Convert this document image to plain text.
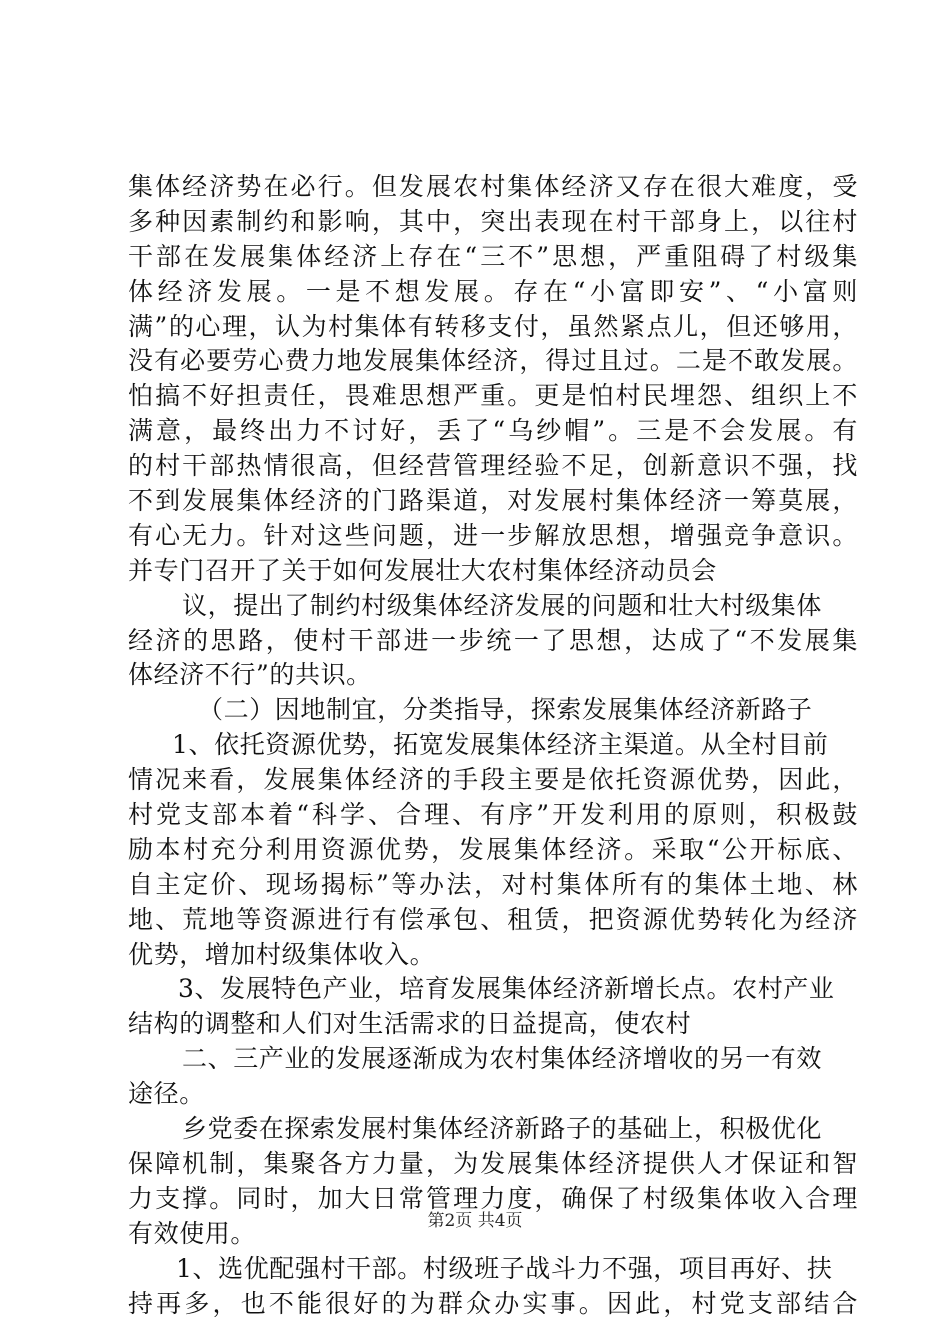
集体经济势在必行。但发展农村集体经济又存在很大难度，受
多种因素制约和影响，其中，突出表现在村干部身上，以往村
干部在发展集体经济上存在“三不”思想，严重阻碍了村级集
体经济发展。一是不想发展。存在“小富即安”、“小富则
满”的心理，认为村集体有转移支付，虽然紧点儿，但还够用，
没有必要劳心费力地发展集体经济，得过且过。二是不敢发展。
怕搞不好担责任，畏难思想严重。更是怕村民埋怨、组织上不
满意，最终出力不讨好，丢了“乌纱帽”。三是不会发展。有
的村干部热情很高，但经营管理经验不足，创新意识不强，找
不到发展集体经济的门路渠道，对发展村集体经济一筹莫展，
有心无力。针对这些问题，进一步解放思想，增强竞争意识。
并专门召开了关于如何发展壮大农村集体经济动员会
议，提出了制约村级集体经济发展的问题和壮大村级集体
经济的思路，使村干部进一步统一了思想，达成了“不发展集
体经济不行”的共识。
（二）因地制宜，分类指导，探索发展集体经济新路子
1、依托资源优势，拓宽发展集体经济主渠道。从全村目前
情况来看，发展集体经济的手段主要是依托资源优势，因此，
村党支部本着“科学、合理、有序”开发利用的原则，积极鼓
励本村充分利用资源优势，发展集体经济。采取“公开标底、
自主定价、现场揭标”等办法，对村集体所有的集体土地、林
地、荒地等资源进行有偿承包、租赁，把资源优势转化为经济
优势，增加村级集体收入。
3、发展特色产业，培育发展集体经济新增长点。农村产业
结构的调整和人们对生活需求的日益提高，使农村
二、三产业的发展逐渐成为农村集体经济增收的另一有效
途径。
乡党委在探索发展村集体经济新路子的基础上，积极优化
保障机制，集聚各方力量，为发展集体经济提供人才保证和智
力支撑。同时，加大日常管理力度，确保了村级集体收入合理
有效使用。
1、选优配强村干部。村级班子战斗力不强，项目再好、扶
持再多，也不能很好的为群众办实事。因此，村党支部结合
第2页 共4页
